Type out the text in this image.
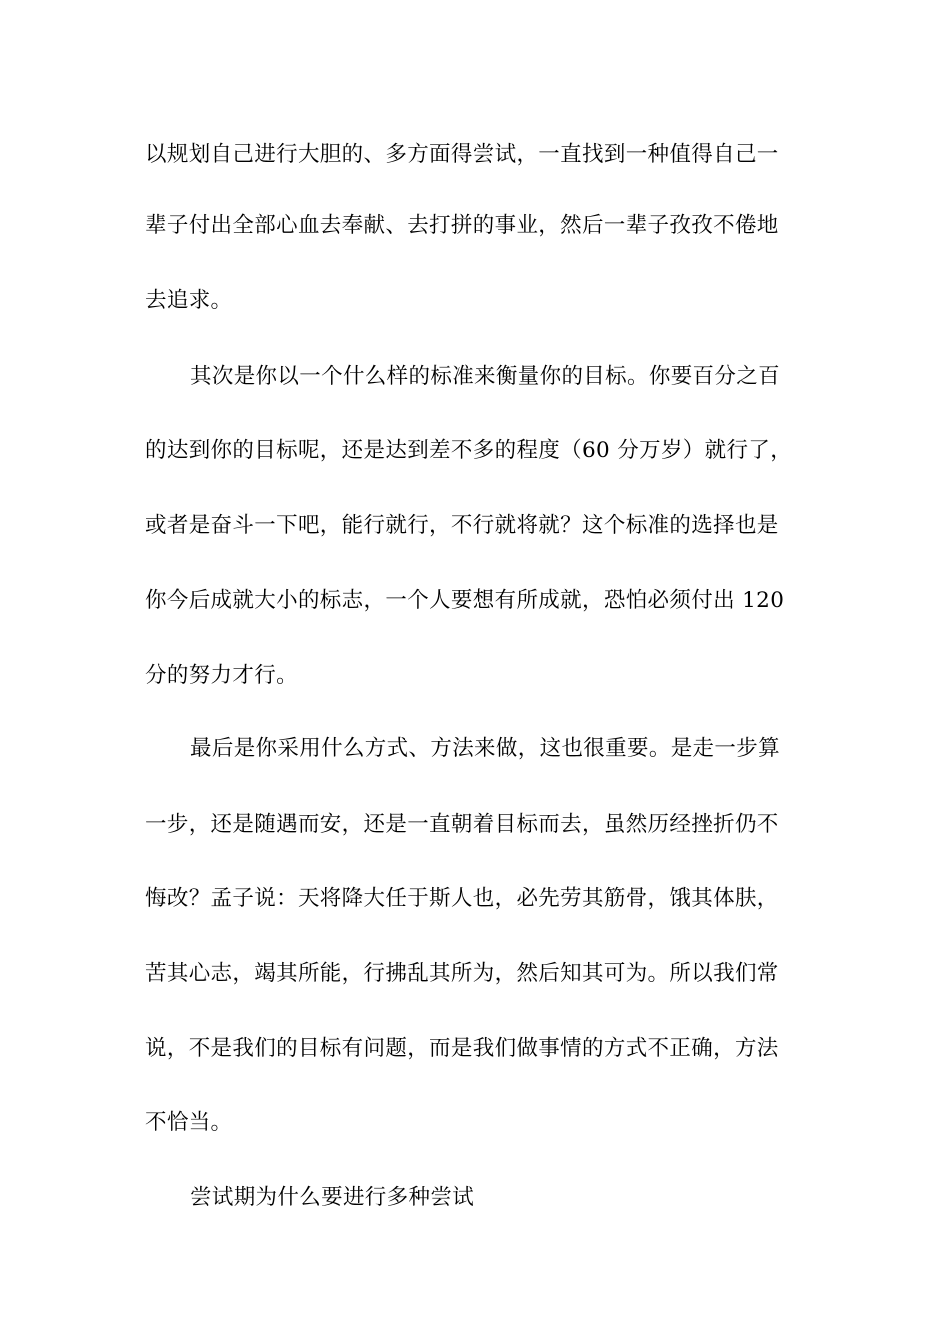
以规划自己进行大胆的、多方面得尝试，一直找到一种值得自己一
辈子付出全部心血去奉献、去打拼的事业，然后一辈子孜孜不倦地
去追求。
其次是你以一个什么样的标准来衡量你的目标。你要百分之百
的达到你的目标呢，还是达到差不多的程度（60 分万岁）就行了，
或者是奋斗一下吧，能行就行，不行就将就？这个标准的选择也是
你今后成就大小的标志，一个人要想有所成就，恐怕必须付出 120
分的努力才行。
最后是你采用什么方式、方法来做，这也很重要。是走一步算
一步，还是随遇而安，还是一直朝着目标而去，虽然历经挫折仍不
悔改？孟子说：天将降大任于斯人也，必先劳其筋骨，饿其体肤，
苦其心志，竭其所能，行拂乱其所为，然后知其可为。所以我们常
说，不是我们的目标有问题，而是我们做事情的方式不正确，方法
不恰当。
尝试期为什么要进行多种尝试
